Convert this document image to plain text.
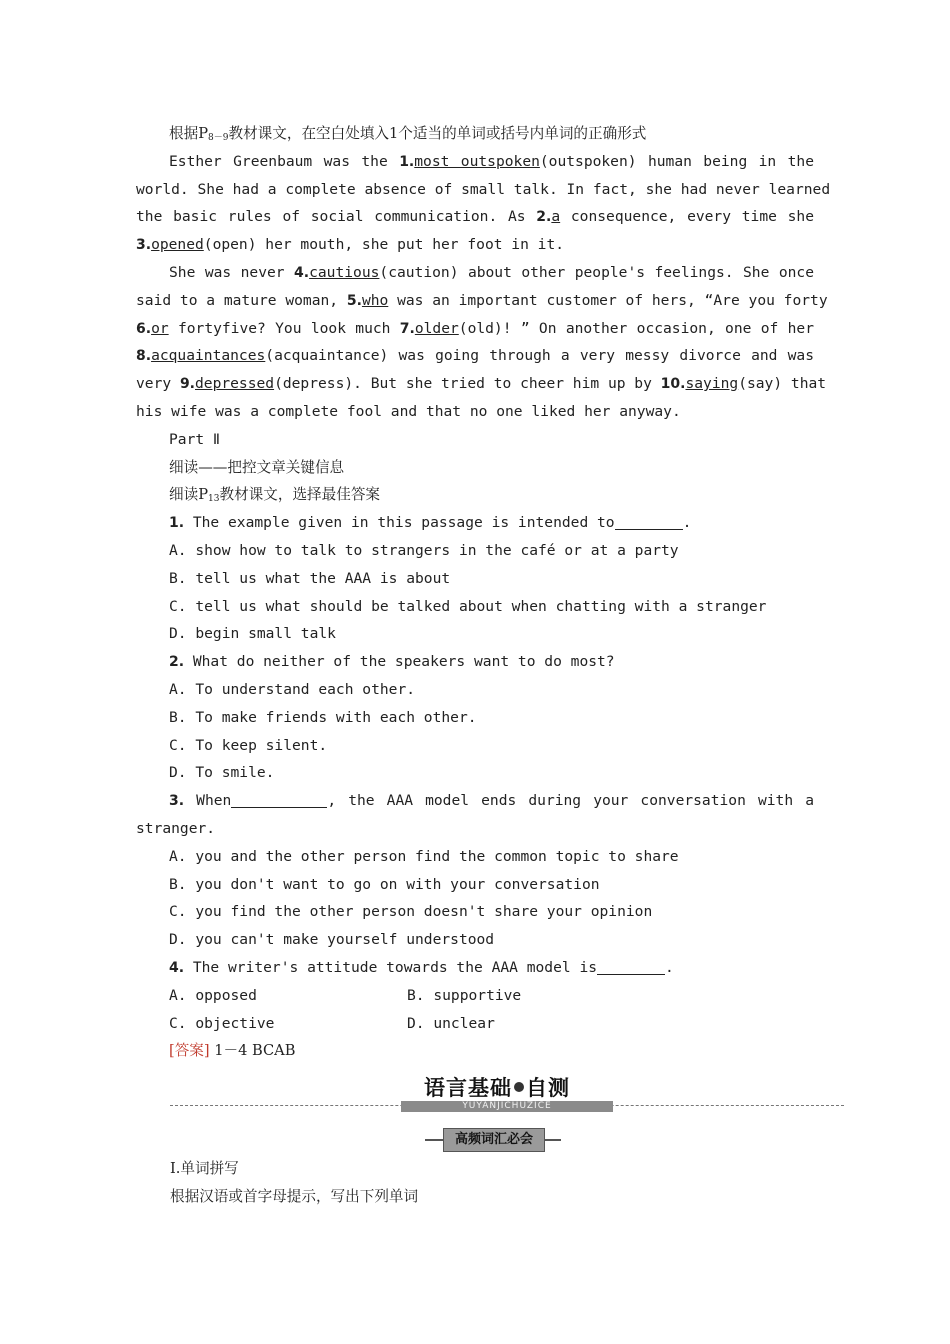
根据$P_{8-9}$教材课文，在空白处填入1个适当的单词或括号内单词的正确形式
Esther Greenbaum was the 1.most outspoken(outspoken) human being in the
world. She had a complete absence of small talk. In fact, she had never learned
the basic rules of social communication. As 2.a consequence, every time she
3.opened(open) her mouth, she put her foot in it.
She was never 4.cautious(caution) about other people's feelings. She once
said to a mature woman, 5.who was an important customer of hers, “Are you forty
6.or fortyfive? You look much 7.older(old)! ” On another occasion, one of her
8.acquaintances(acquaintance) was going through a very messy divorce and was
very 9.depressed(depress). But she tried to cheer him up by 10.saying(say) that
his wife was a complete fool and that no one liked her anyway.
Part Ⅱ
细读——把控文章关键信息
细读$P_{13}$教材课文，选择最佳答案
1. The example given in this passage is intended to	.
A. show how to talk to strangers in the café or at a party
B. tell us what the AAA is about
C. tell us what should be talked about when chatting with a stranger
D. begin small talk
2. What do neither of the speakers want to do most?
A. To understand each other.
B. To make friends with each other.
C. To keep silent.
D. To smile.
3. When	, the AAA model ends during your conversation with a
stranger.
A. you and the other person find the common topic to share
B. you don't want to go on with your conversation
C. you find the other person doesn't share your opinion
D. you can't make yourself understood
4. The writer's attitude towards the AAA model is	.
A. opposed	B. supportive
C. objective	D. unclear
[答案] 1－4 BCAB
YUYANJICHUZICE
语言基础 自测
高频词汇必会
Ⅰ.单词拼写
根据汉语或首字母提示，写出下列单词
